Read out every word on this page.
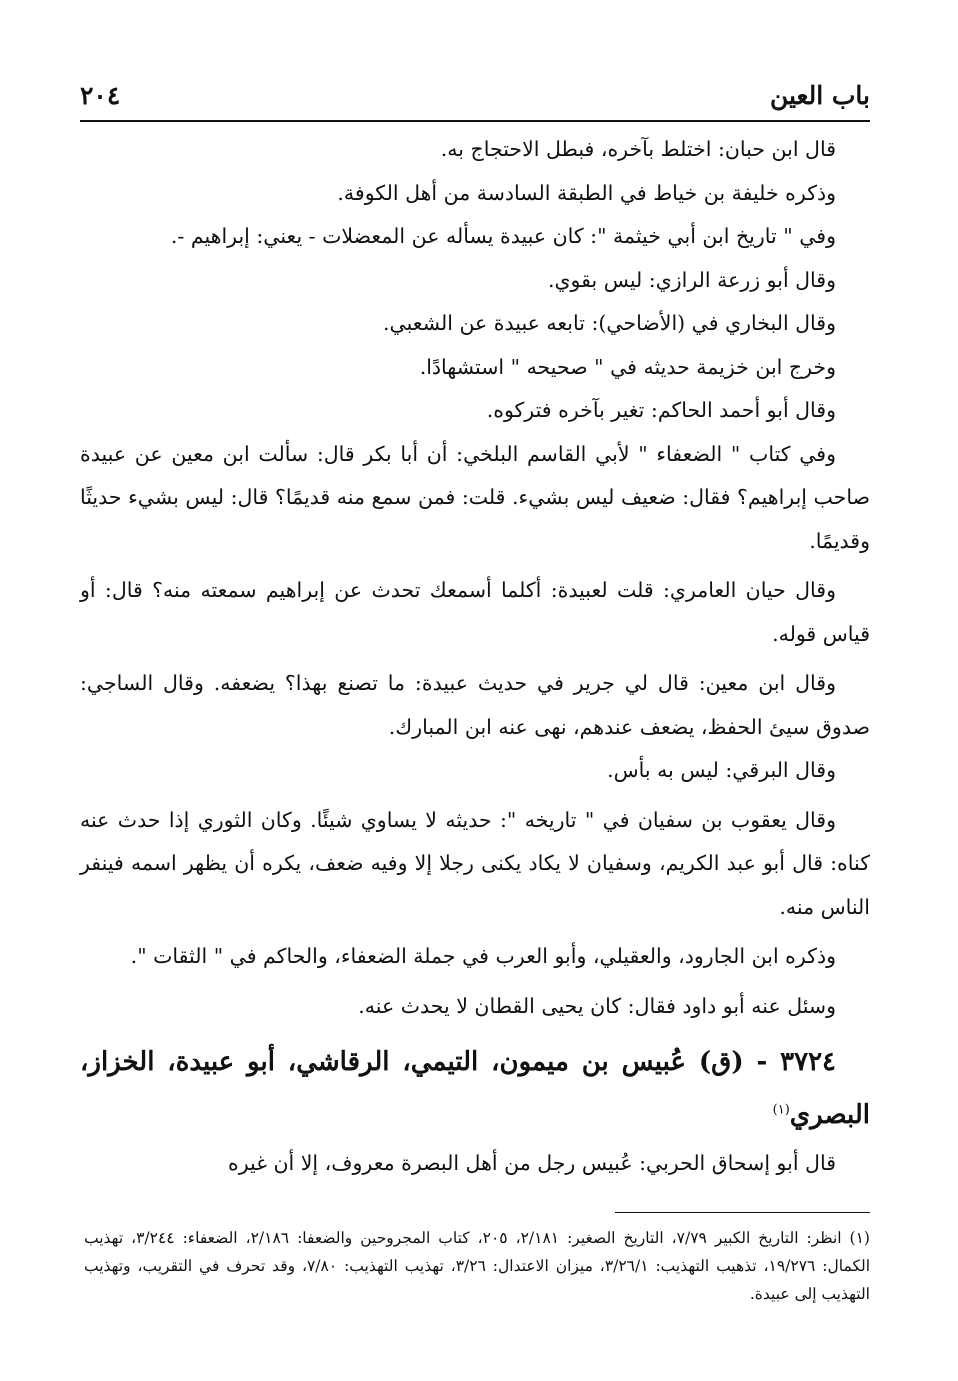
باب العين
٢٠٤

قال ابن حبان: اختلط بآخره، فبطل الاحتجاج به.

وذكره خليفة بن خياط في الطبقة السادسة من أهل الكوفة.

وفي " تاريخ ابن أبي خيثمة ": كان عبيدة يسأله عن المعضلات - يعني: إبراهيم -.

وقال أبو زرعة الرازي: ليس بقوي.

وقال البخاري في (الأضاحي): تابعه عبيدة عن الشعبي.

وخرج ابن خزيمة حديثه في " صحيحه " استشهادًا.

وقال أبو أحمد الحاكم: تغير بآخره فتركوه.

وفي كتاب " الضعفاء " لأبي القاسم البلخي: أن أبا بكر قال: سألت ابن معين عن عبيدة صاحب إبراهيم؟ فقال: ضعيف ليس بشيء. قلت: فمن سمع منه قديمًا؟ قال: ليس بشيء حديثًا وقديمًا.

وقال حيان العامري: قلت لعبيدة: أكلما أسمعك تحدث عن إبراهيم سمعته منه؟ قال: أو قياس قوله.

وقال ابن معين: قال لي جرير في حديث عبيدة: ما تصنع بهذا؟ يضعفه. وقال الساجي: صدوق سيئ الحفظ، يضعف عندهم، نهى عنه ابن المبارك.

وقال البرقي: ليس به بأس.

وقال يعقوب بن سفيان في " تاريخه ": حديثه لا يساوي شيئًا. وكان الثوري إذا حدث عنه كناه: قال أبو عبد الكريم، وسفيان لا يكاد يكنى رجلا إلا وفيه ضعف، يكره أن يظهر اسمه فينفر الناس منه.

وذكره ابن الجارود، والعقيلي، وأبو العرب في جملة الضعفاء، والحاكم في " الثقات ".

وسئل عنه أبو داود فقال: كان يحيى القطان لا يحدث عنه.

٣٧٢٤ - (ق) عُبيس بن ميمون، التيمي، الرقاشي، أبو عبيدة، الخزاز، البصري$^{(١)}$

قال أبو إسحاق الحربي: عُبيس رجل من أهل البصرة معروف، إلا أن غيره

(١) انظر: التاريخ الكبير ٧/٧٩، التاريخ الصغير: ٢/١٨١، ٢٠٥، كتاب المجروحين والضعفا: ٢/١٨٦، الضعفاء: ٣/٢٤٤، تهذيب الكمال: ١٩/٢٧٦، تذهيب التهذيب: ٣/٢٦/١، ميزان الاعتدال: ٣/٢٦، تهذيب التهذيب: ٧/٨٠، وقد تحرف في التقريب، وتهذيب التهذيب إلى عبيدة.
